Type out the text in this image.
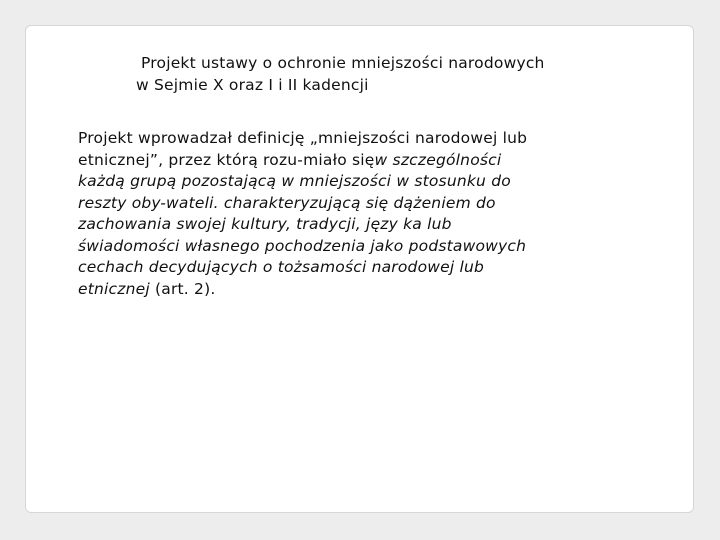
Projekt ustawy o ochronie mniejszości narodowych
w Sejmie X oraz I i II kadencji
Projekt wprowadzał definicję „mniejszości narodowej lub
etnicznej”, przez którą rozu-miało sięw szczególności
każdą grupą pozostającą w mniejszości w stosunku do
reszty oby-wateli. charakteryzującą się dążeniem do
zachowania swojej kultury, tradycji, języ ka lub
świadomości własnego pochodzenia jako podstawowych
cechach decydujących o tożsamości narodowej lub
etnicznej (art. 2).
